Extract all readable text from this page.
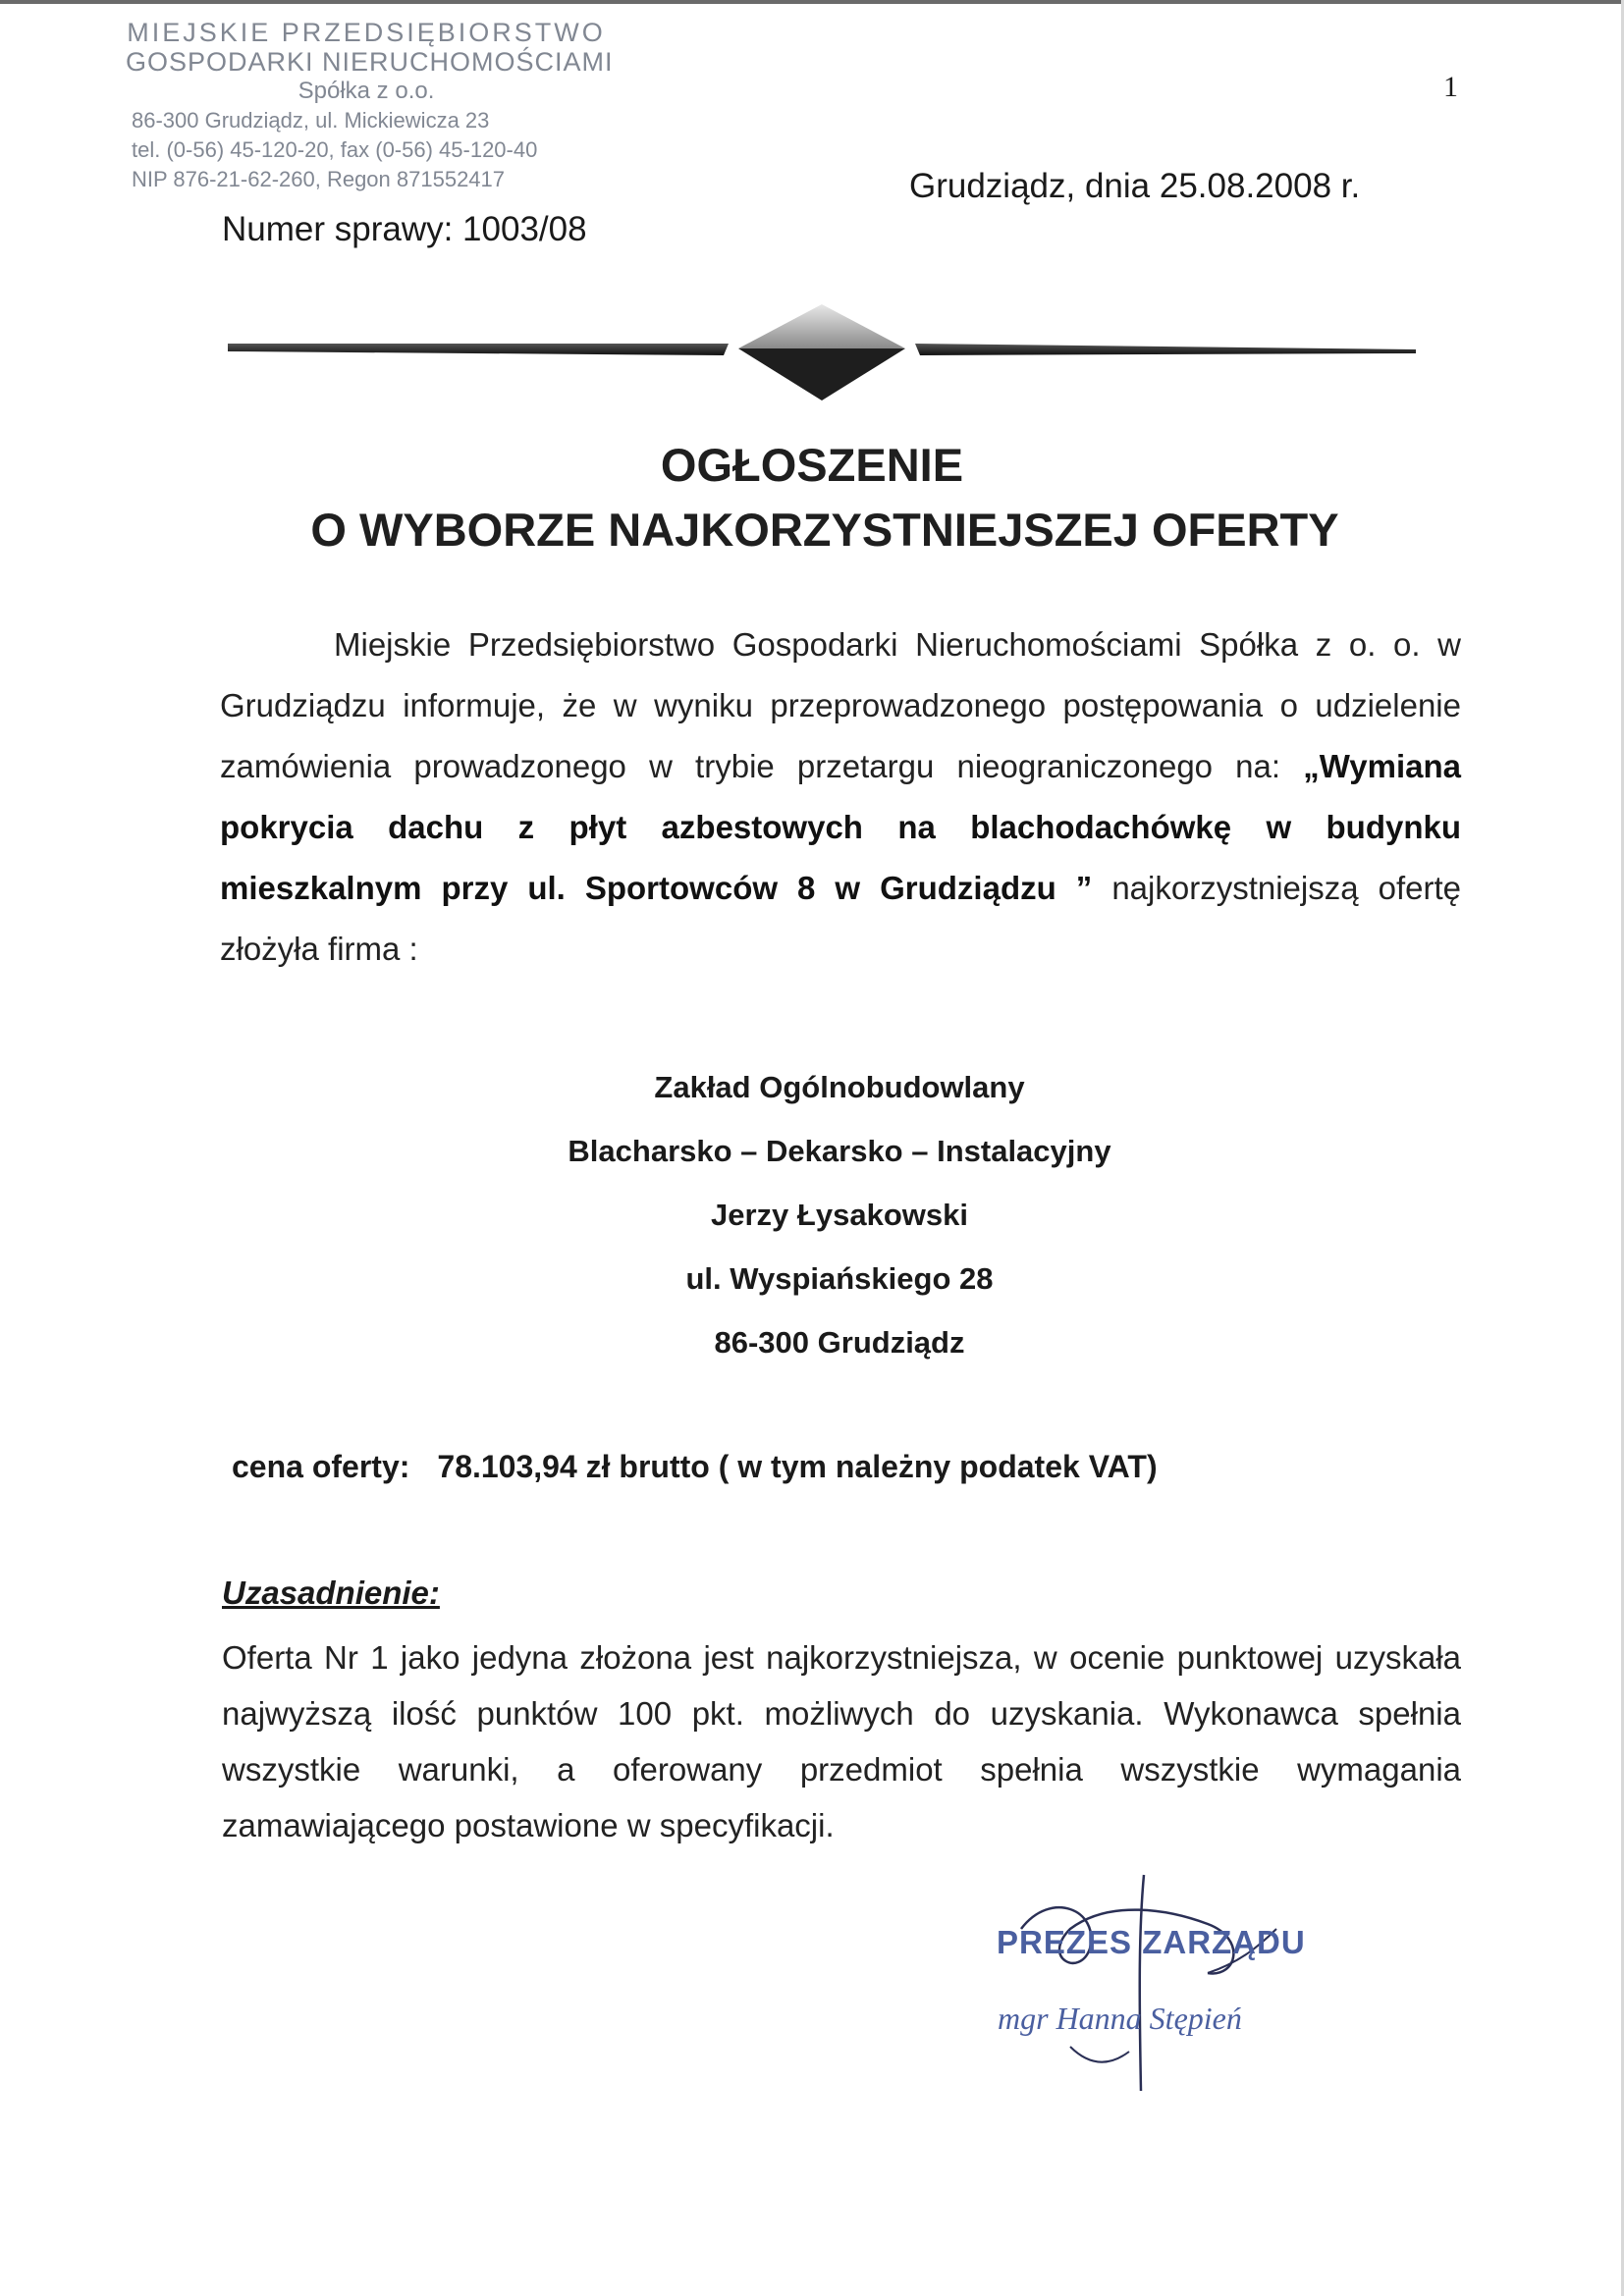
MIEJSKIE PRZEDSIĘBIORSTWO
GOSPODARKI NIERUCHOMOŚCIAMI
Spółka z o.o.
86-300 Grudziądz, ul. Mickiewicza 23
tel. (0-56) 45-120-20, fax (0-56) 45-120-40
NIP 876-21-62-260, Regon 871552417
1
Grudziądz, dnia 25.08.2008 r.
Numer sprawy: 1003/08
OGŁOSZENIE
O WYBORZE NAJKORZYSTNIEJSZEJ OFERTY
Miejskie Przedsiębiorstwo Gospodarki Nieruchomościami Spółka z o. o. w Grudziądzu informuje, że w wyniku przeprowadzonego postępowania o udzielenie zamówienia prowadzonego w trybie przetargu nieograniczonego na: „Wymiana pokrycia dachu z płyt azbestowych na blachodachówkę w budynku mieszkalnym przy ul. Sportowców 8 w Grudziądzu ” najkorzystniejszą ofertę złożyła firma :
Zakład Ogólnobudowlany
Blacharsko – Dekarsko – Instalacyjny
Jerzy Łysakowski
ul. Wyspiańskiego 28
86-300 Grudziądz
cena oferty: 78.103,94 zł brutto ( w tym należny podatek VAT)
Uzasadnienie:
Oferta Nr 1 jako jedyna złożona jest najkorzystniejsza, w ocenie punktowej uzyskała najwyższą ilość punktów 100 pkt. możliwych do uzyskania. Wykonawca spełnia wszystkie warunki, a oferowany przedmiot spełnia wszystkie wymagania zamawiającego postawione w specyfikacji.
PREZES ZARZĄDU
mgr Hanna Stępień
